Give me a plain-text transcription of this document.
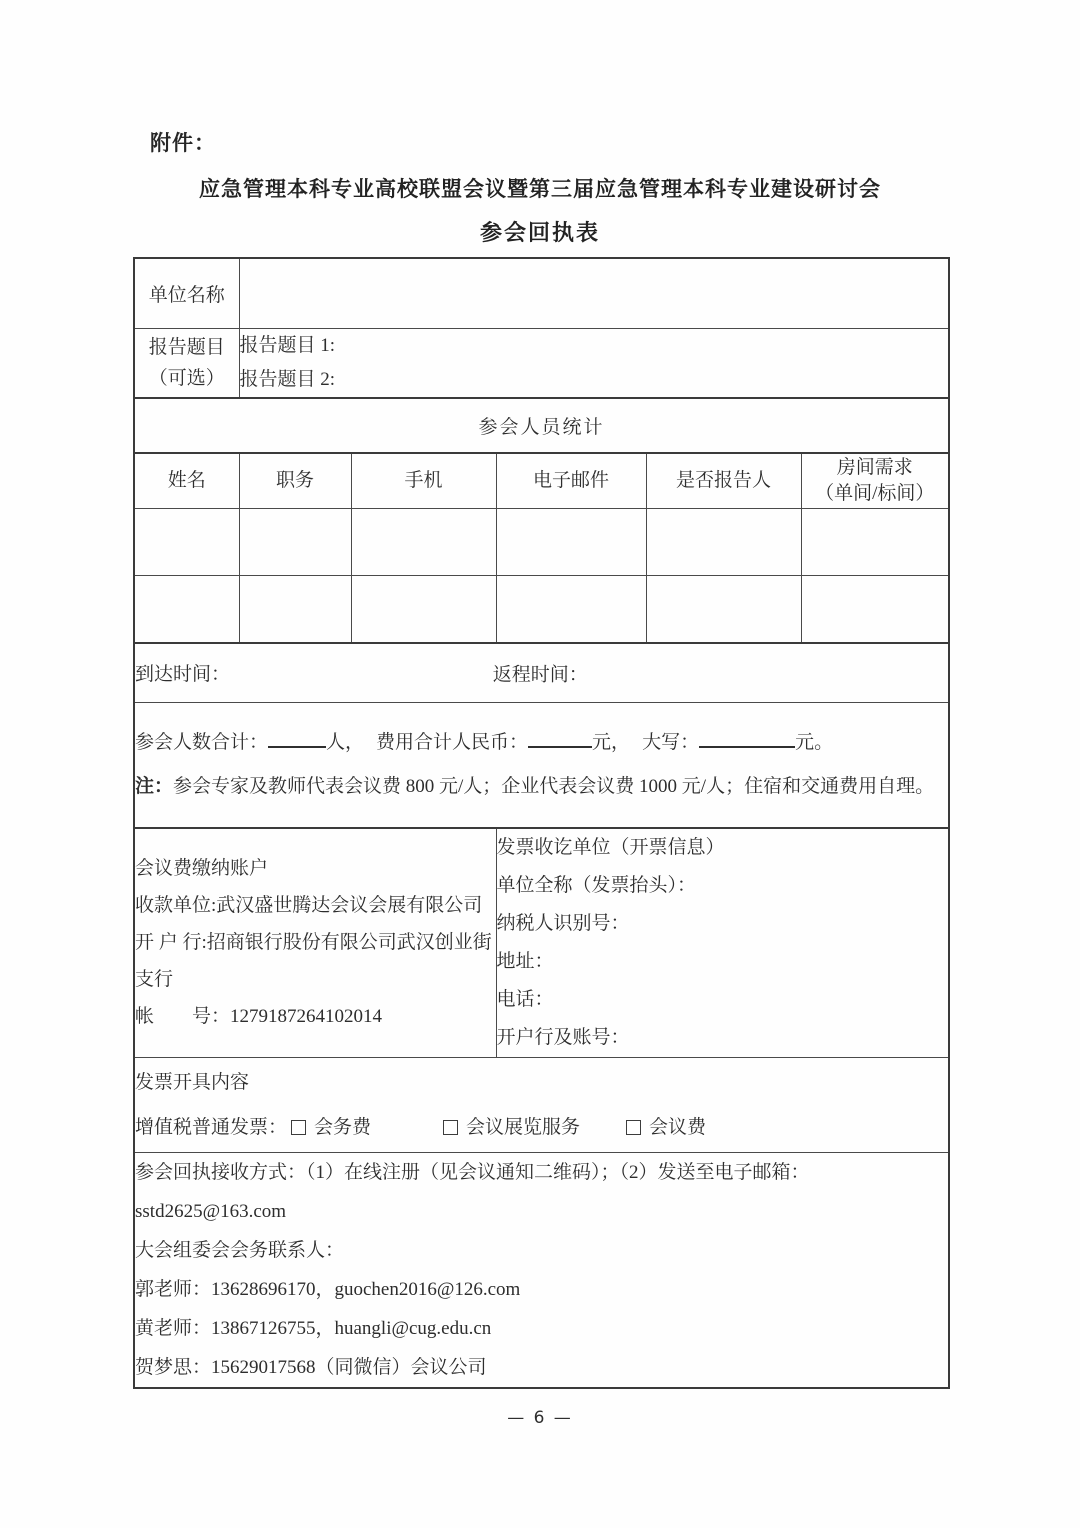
附件：
应急管理本科专业高校联盟会议暨第三届应急管理本科专业建设研讨会
参会回执表
单位名称					

报告题目
（可选）

报告题目 1:
报告题目 2:

参会人员统计					
姓名	职务	手机	电子邮件	是否报告人	房间需求
（单间/标间）

到达时间： 返程时间：					

参会人数合计： 人， 费用合计人民币： 元， 大写： 元。
注：参会专家及教师代表会议费 800 元/人；企业代表会议费 1000 元/人；住宿和交通费用自理。					

会议费缴纳账户
收款单位:武汉盛世腾达会议会展有限公司
开 户 行:招商银行股份有限公司武汉创业街支行
帐　　号：1279187264102014

发票收讫单位（开票信息）
单位全称（发票抬头）：
纳税人识别号：
地址：
电话：
开户行及账号：

发票开具内容
增值税普通发票： 会务费 会议展览服务 会议费					

参会回执接收方式：（1）在线注册（见会议通知二维码）；（2）发送至电子邮箱：sstd2625@163.com
大会组委会会务联系人：
郭老师：13628696170，guochen2016@126.com
黄老师：13867126755，huangli@cug.edu.cn
贺梦思：15629017568（同微信）会议公司					
— 6 —
